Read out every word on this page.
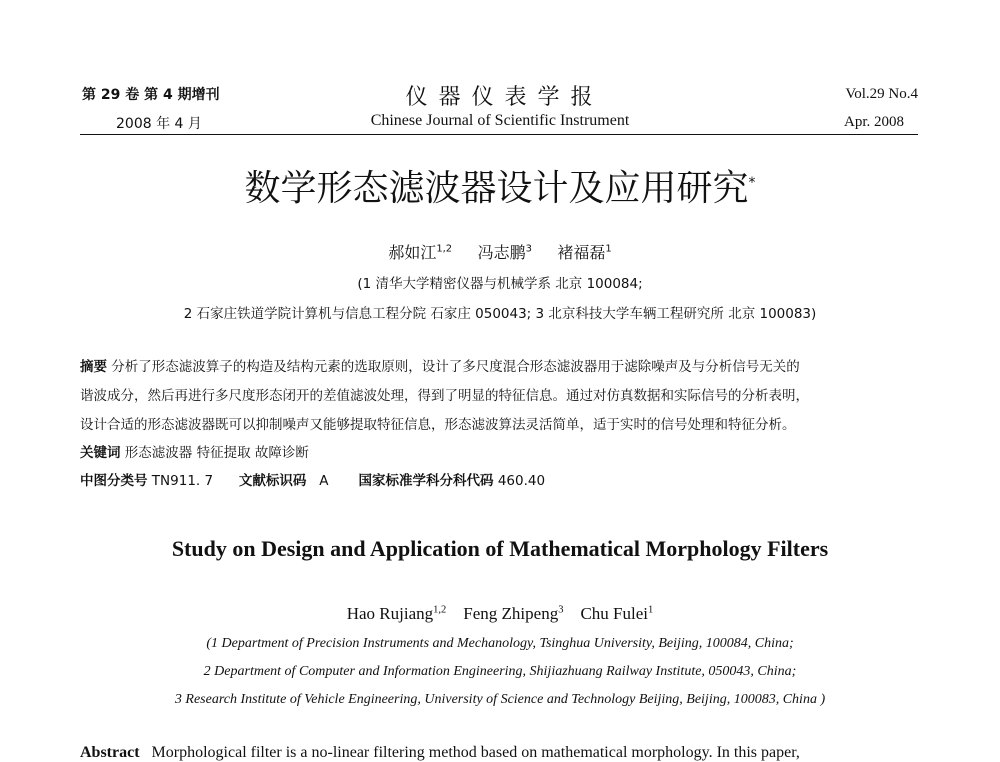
第 29 卷 第 4 期增刊
2008 年 4 月
仪 器 仪 表 学 报
Chinese Journal of Scientific Instrument
Vol.29 No.4
Apr. 2008
数学形态滤波器设计及应用研究*
郝如江$^{1,2}$ 冯志鹏$^3$ 褚福磊$^1$
(1 清华大学精密仪器与机械学系 北京 100084;
2 石家庄铁道学院计算机与信息工程分院 石家庄 050043; 3 北京科技大学车辆工程研究所 北京 100083)
摘要 分析了形态滤波算子的构造及结构元素的选取原则，设计了多尺度混合形态滤波器用于滤除噪声及与分析信号无关的
谐波成分，然后再进行多尺度形态闭开的差值滤波处理，得到了明显的特征信息。通过对仿真数据和实际信号的分析表明，
设计合适的形态滤波器既可以抑制噪声又能够提取特征信息，形态滤波算法灵活简单，适于实时的信号处理和特征分析。
关键词 形态滤波器 特征提取 故障诊断
中图分类号 TN911. 7 文献标识码 A 国家标准学科分科代码 460.40
Study on Design and Application of Mathematical Morphology Filters
Hao Rujiang$^{1,2}$ Feng Zhipeng$^3$ Chu Fulei$^1$
(1 Department of Precision Instruments and Mechanology, Tsinghua University, Beijing, 100084, China;
2 Department of Computer and Information Engineering, Shijiazhuang Railway Institute, 050043, China;
3 Research Institute of Vehicle Engineering, University of Science and Technology Beijing, Beijing, 100083, China )
Abstract Morphological filter is a no-linear filtering method based on mathematical morphology. In this paper,
